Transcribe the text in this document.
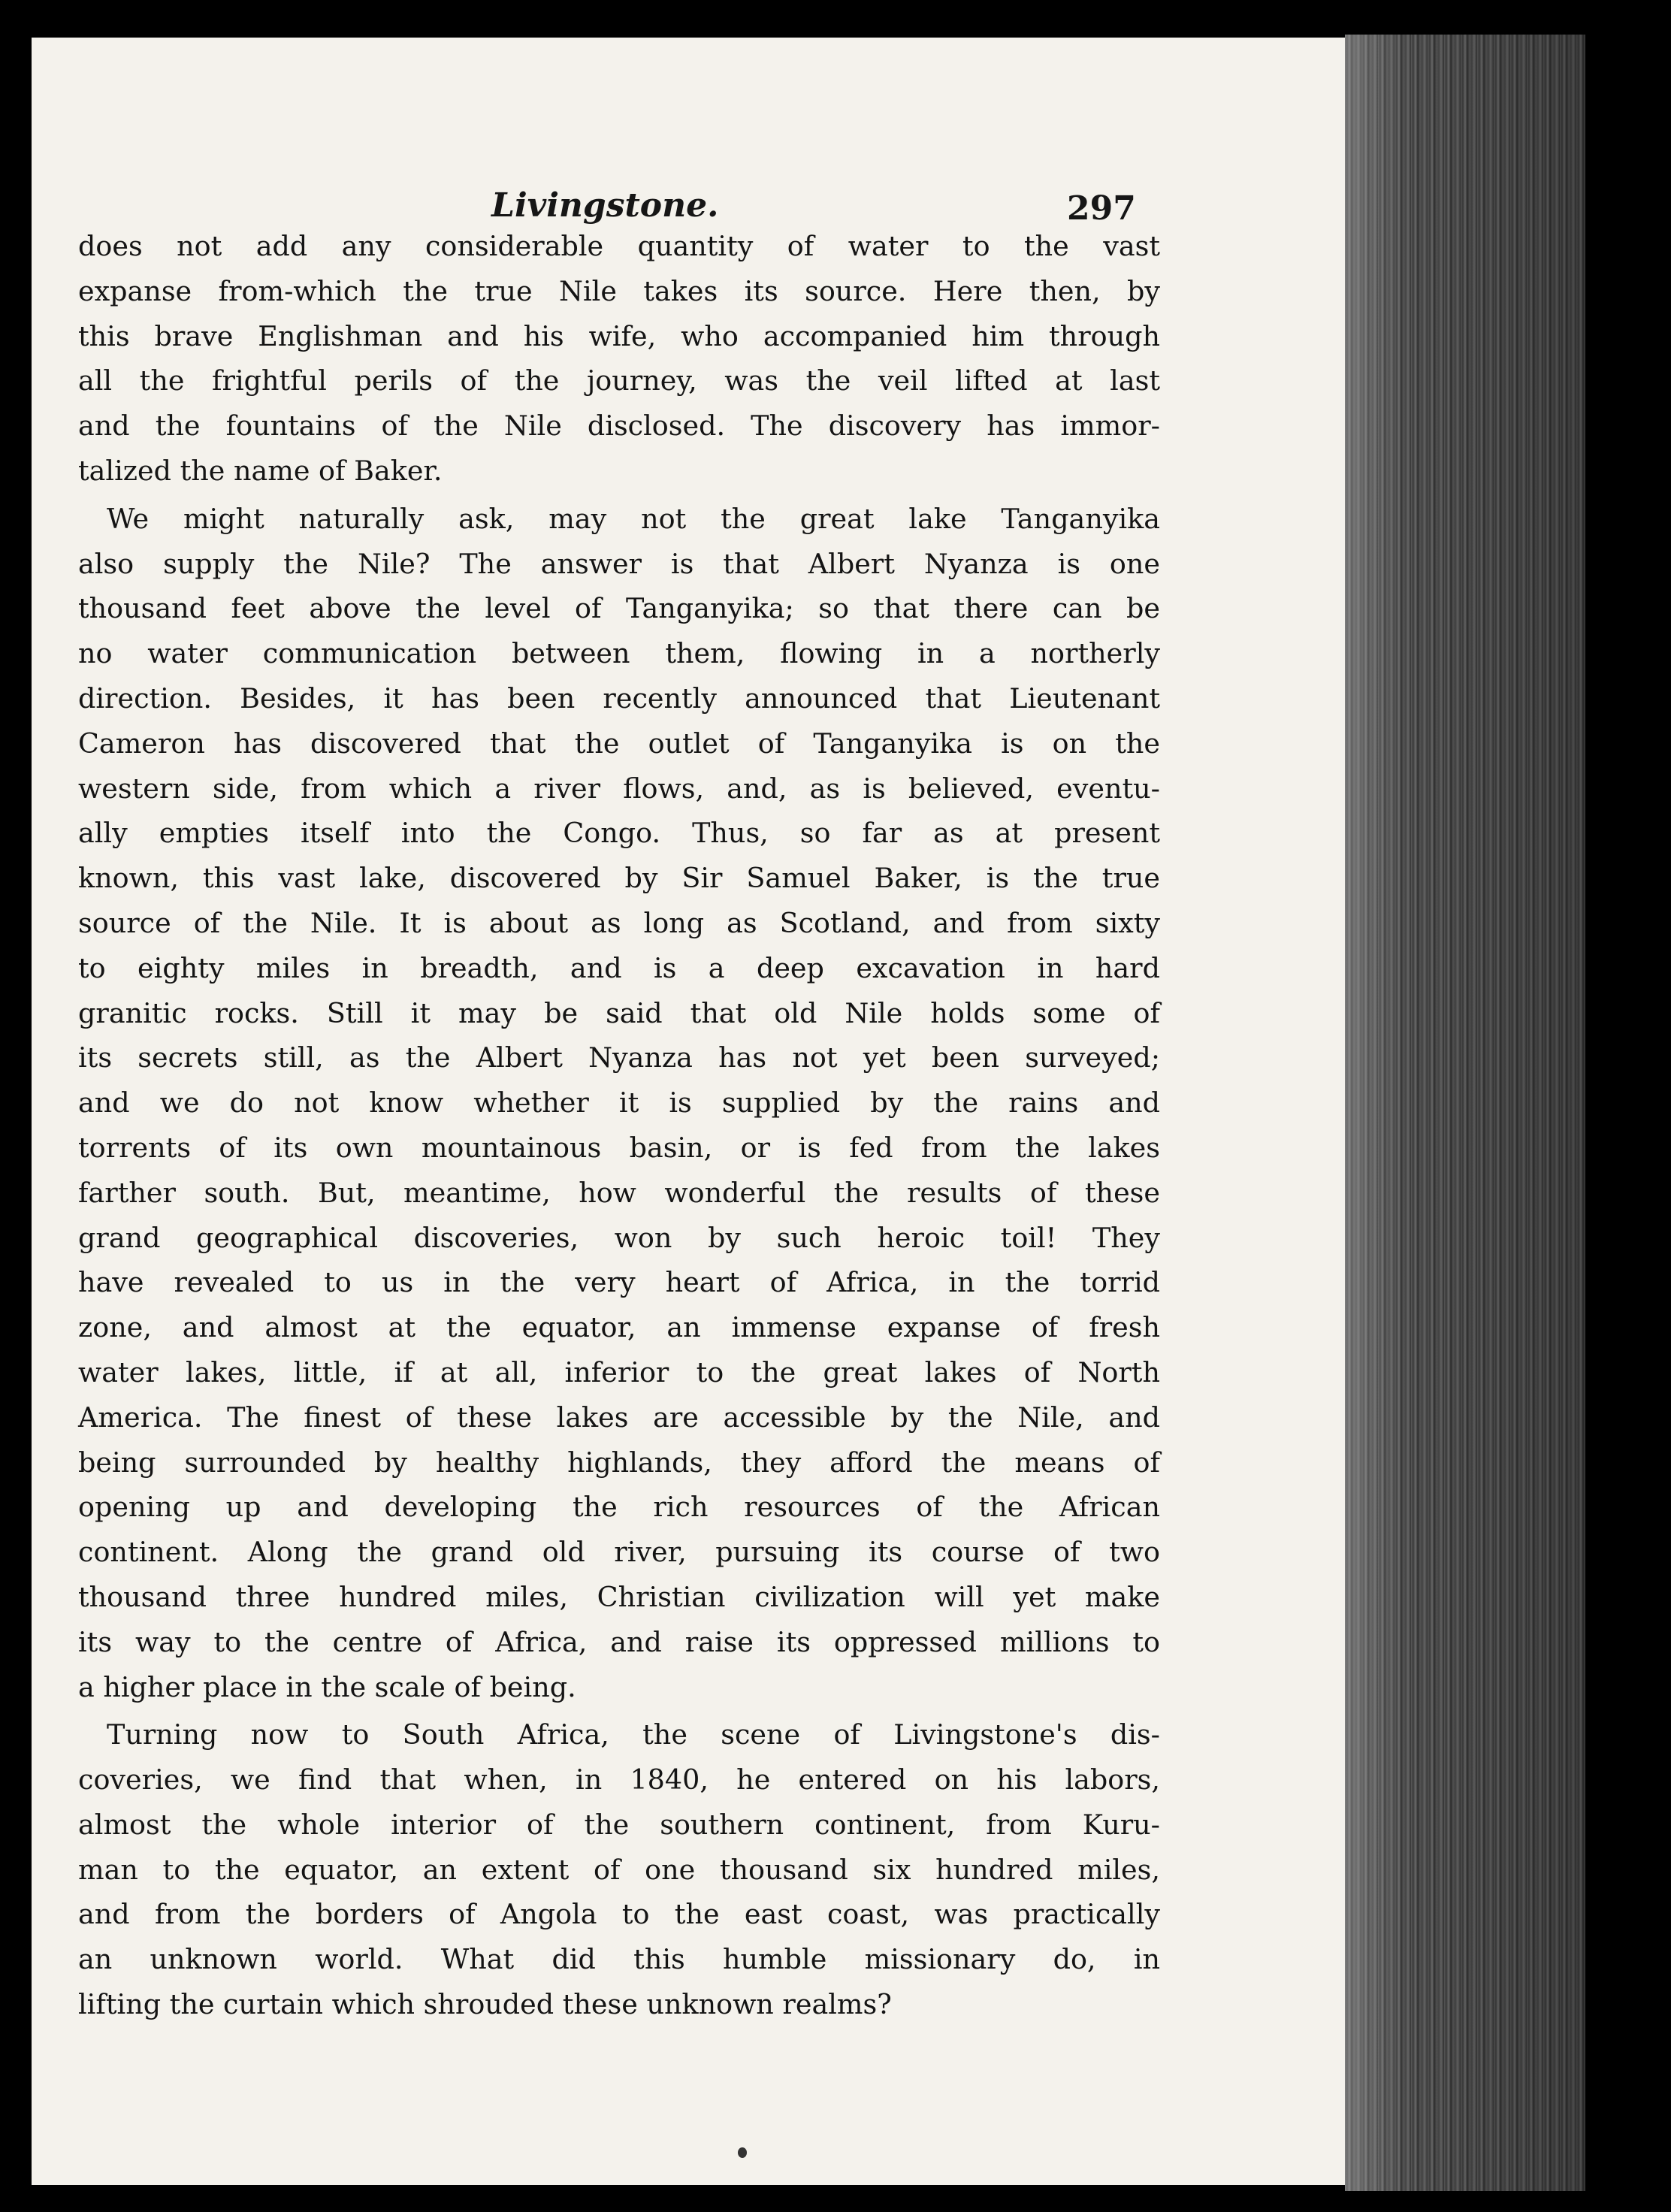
Livingstone.	297
does not add any considerable quantity of water to the vast
expanse from-which the true Nile takes its source. Here then, by
this brave Englishman and his wife, who accompanied him through
all the frightful perils of the journey, was the veil lifted at last
and the fountains of the Nile disclosed. The discovery has immor-
talized the name of Baker.
We might naturally ask, may not the great lake Tanganyika
also supply the Nile? The answer is that Albert Nyanza is one
thousand feet above the level of Tanganyika; so that there can be
no water communication between them, flowing in a northerly
direction. Besides, it has been recently announced that Lieutenant
Cameron has discovered that the outlet of Tanganyika is on the
western side, from which a river flows, and, as is believed, eventu-
ally empties itself into the Congo. Thus, so far as at present
known, this vast lake, discovered by Sir Samuel Baker, is the true
source of the Nile. It is about as long as Scotland, and from sixty
to eighty miles in breadth, and is a deep excavation in hard
granitic rocks. Still it may be said that old Nile holds some of
its secrets still, as the Albert Nyanza has not yet been surveyed;
and we do not know whether it is supplied by the rains and
torrents of its own mountainous basin, or is fed from the lakes
farther south. But, meantime, how wonderful the results of these
grand geographical discoveries, won by such heroic toil! They
have revealed to us in the very heart of Africa, in the torrid
zone, and almost at the equator, an immense expanse of fresh
water lakes, little, if at all, inferior to the great lakes of North
America. The finest of these lakes are accessible by the Nile, and
being surrounded by healthy highlands, they afford the means of
opening up and developing the rich resources of the African
continent. Along the grand old river, pursuing its course of two
thousand three hundred miles, Christian civilization will yet make
its way to the centre of Africa, and raise its oppressed millions to
a higher place in the scale of being.
Turning now to South Africa, the scene of Livingstone's dis-
coveries, we find that when, in 1840, he entered on his labors,
almost the whole interior of the southern continent, from Kuru-
man to the equator, an extent of one thousand six hundred miles,
and from the borders of Angola to the east coast, was practically
an unknown world. What did this humble missionary do, in
lifting the curtain which shrouded these unknown realms?
